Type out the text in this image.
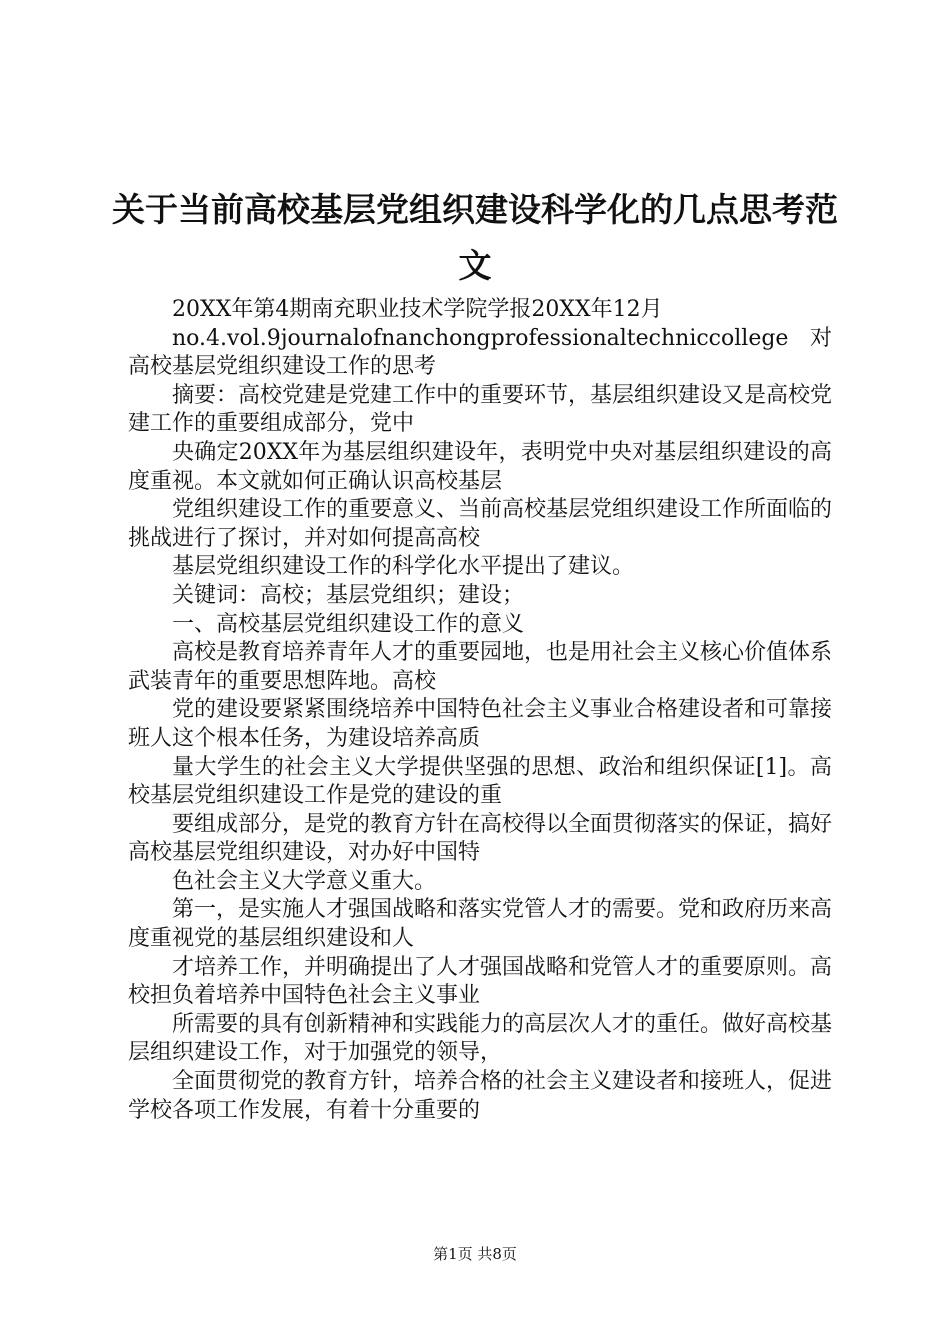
关于当前高校基层党组织建设科学化的几点思考范文

20XX年第4期南充职业技术学院学报20XX年12月

no.4.vol.9journalofnanchongprofessionaltechniccollege对高校基层党组织建设工作的思考

摘要：高校党建是党建工作中的重要环节，基层组织建设又是高校党建工作的重要组成部分，党中

央确定20XX年为基层组织建设年，表明党中央对基层组织建设的高度重视。本文就如何正确认识高校基层

党组织建设工作的重要意义、当前高校基层党组织建设工作所面临的挑战进行了探讨，并对如何提高高校

基层党组织建设工作的科学化水平提出了建议。

关键词：高校；基层党组织；建设；

一、高校基层党组织建设工作的意义

高校是教育培养青年人才的重要园地，也是用社会主义核心价值体系武装青年的重要思想阵地。高校

党的建设要紧紧围绕培养中国特色社会主义事业合格建设者和可靠接班人这个根本任务，为建设培养高质

量大学生的社会主义大学提供坚强的思想、政治和组织保证[1]。高校基层党组织建设工作是党的建设的重

要组成部分，是党的教育方针在高校得以全面贯彻落实的保证，搞好高校基层党组织建设，对办好中国特

色社会主义大学意义重大。

第一，是实施人才强国战略和落实党管人才的需要。党和政府历来高度重视党的基层组织建设和人

才培养工作，并明确提出了人才强国战略和党管人才的重要原则。高校担负着培养中国特色社会主义事业

所需要的具有创新精神和实践能力的高层次人才的重任。做好高校基层组织建设工作，对于加强党的领导，

全面贯彻党的教育方针，培养合格的社会主义建设者和接班人，促进学校各项工作发展，有着十分重要的

第1页 共8页
